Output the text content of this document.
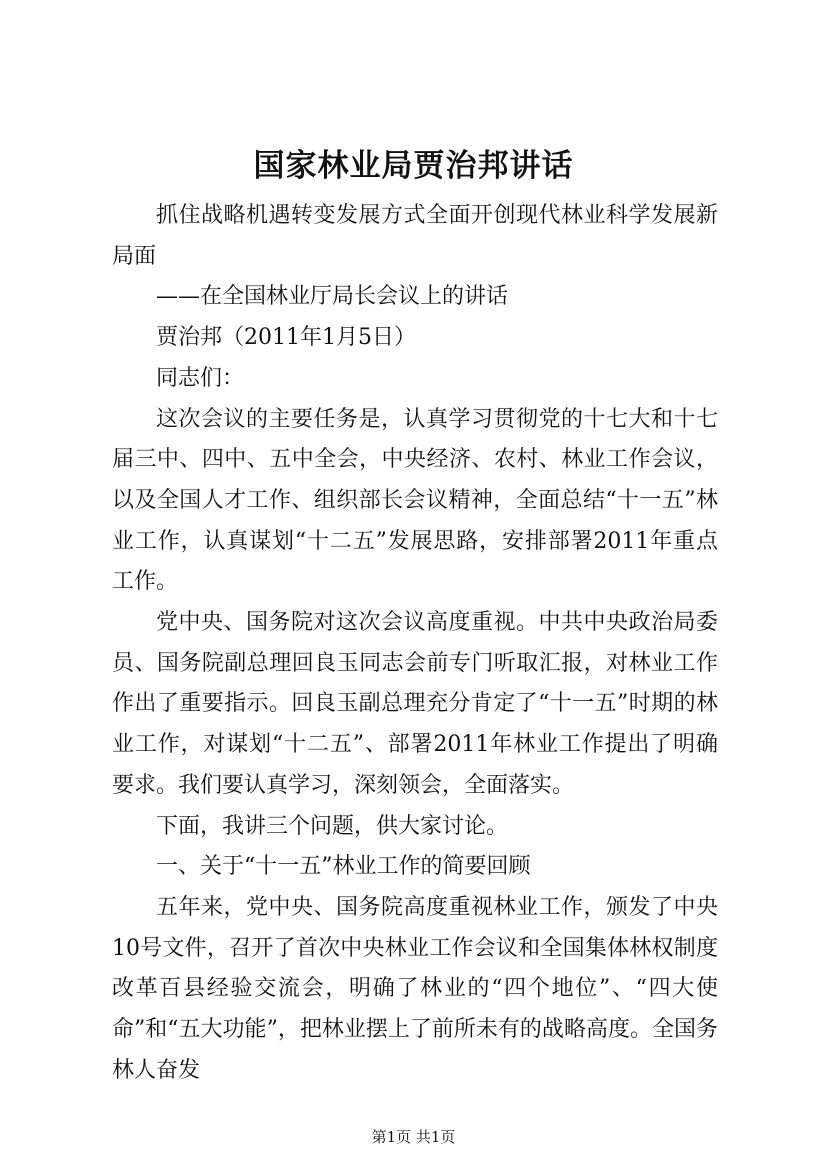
国家林业局贾治邦讲话

抓住战略机遇转变发展方式全面开创现代林业科学发展新局面

——在全国林业厅局长会议上的讲话

贾治邦（2011年1月5日）

同志们：

这次会议的主要任务是，认真学习贯彻党的十七大和十七届三中、四中、五中全会，中央经济、农村、林业工作会议，以及全国人才工作、组织部长会议精神，全面总结“十一五”林业工作，认真谋划“十二五”发展思路，安排部署2011年重点工作。

党中央、国务院对这次会议高度重视。中共中央政治局委员、国务院副总理回良玉同志会前专门听取汇报，对林业工作作出了重要指示。回良玉副总理充分肯定了“十一五”时期的林业工作，对谋划“十二五”、部署2011年林业工作提出了明确要求。我们要认真学习，深刻领会，全面落实。

下面，我讲三个问题，供大家讨论。

一、关于“十一五”林业工作的简要回顾

五年来，党中央、国务院高度重视林业工作，颁发了中央10号文件，召开了首次中央林业工作会议和全国集体林权制度改革百县经验交流会，明确了林业的“四个地位”、“四大使命”和“五大功能”，把林业摆上了前所未有的战略高度。全国务林人奋发

第1页 共1页
